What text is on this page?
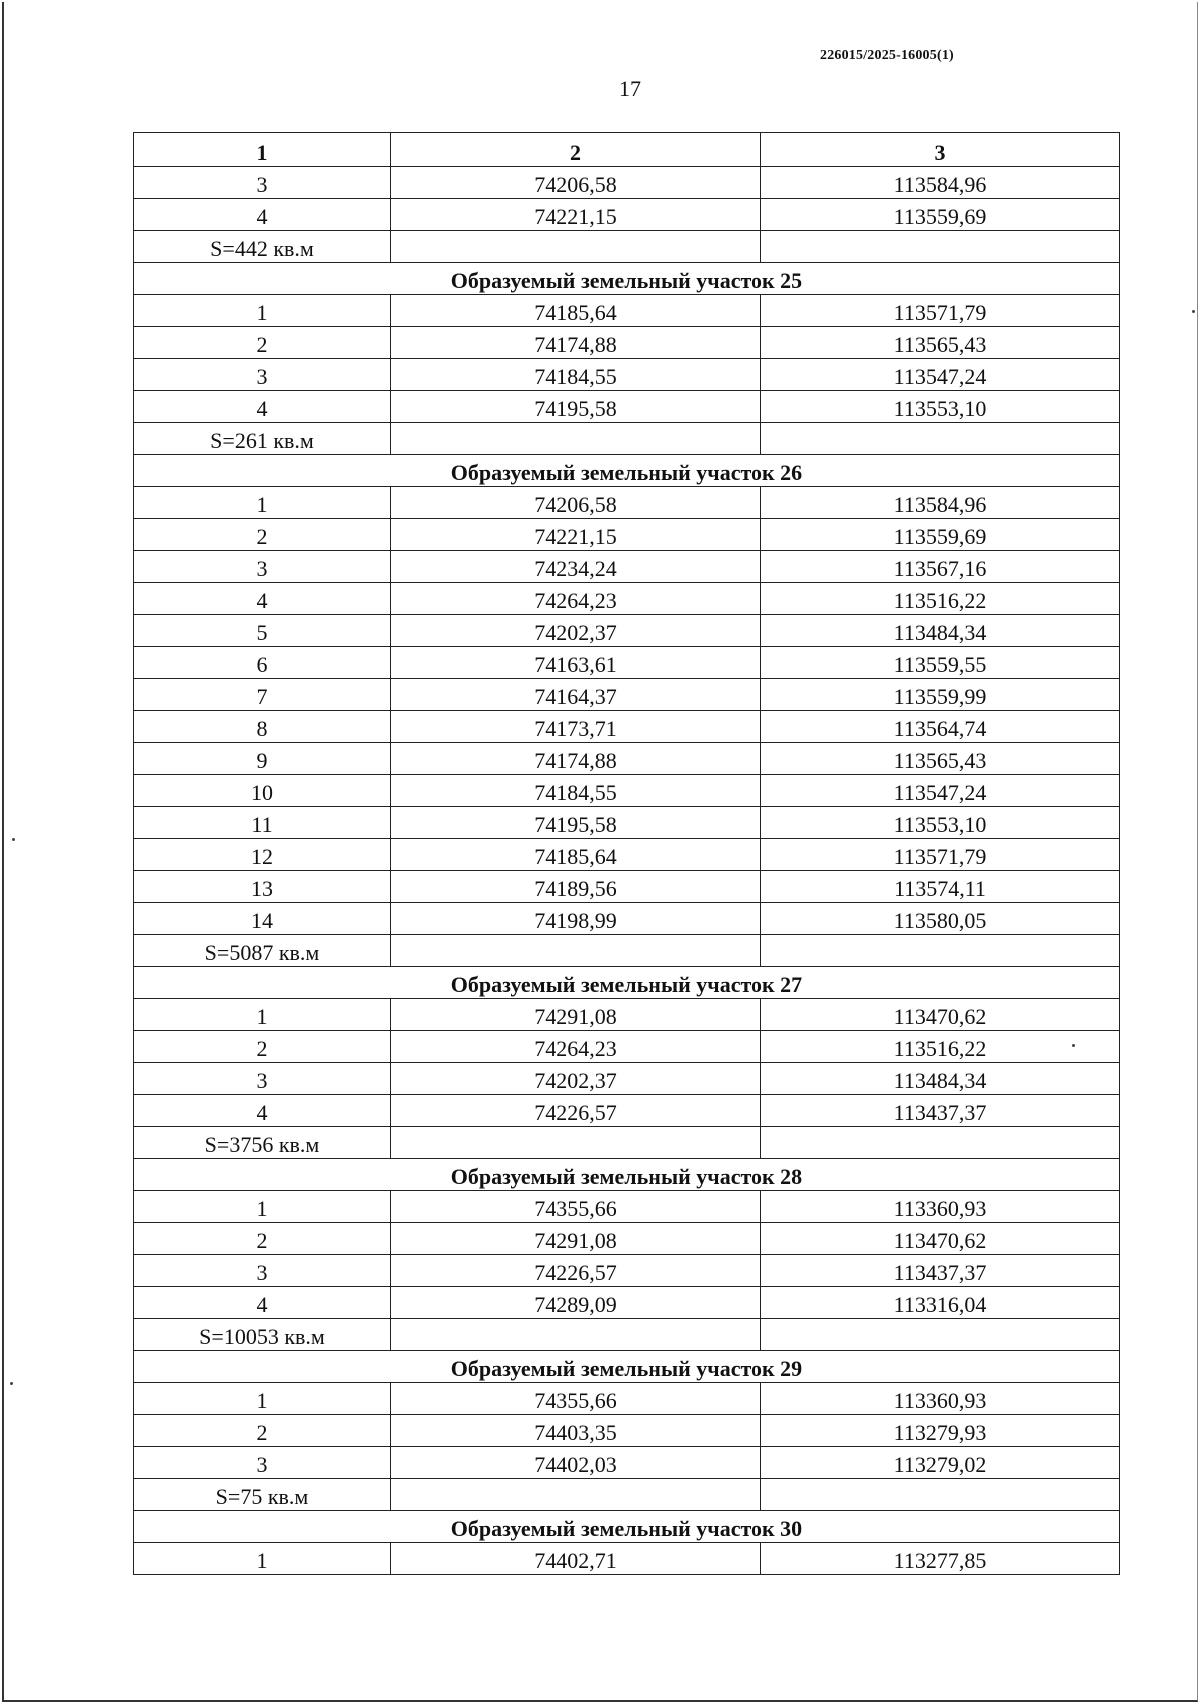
226015/2025-16005(1)
17
1	2	3
3	74206,58	113584,96
4	74221,15	113559,69
S=442 кв.м		
Образуемый земельный участок 25		
1	74185,64	113571,79
2	74174,88	113565,43
3	74184,55	113547,24
4	74195,58	113553,10
S=261 кв.м		
Образуемый земельный участок 26		
1	74206,58	113584,96
2	74221,15	113559,69
3	74234,24	113567,16
4	74264,23	113516,22
5	74202,37	113484,34
6	74163,61	113559,55
7	74164,37	113559,99
8	74173,71	113564,74
9	74174,88	113565,43
10	74184,55	113547,24
11	74195,58	113553,10
12	74185,64	113571,79
13	74189,56	113574,11
14	74198,99	113580,05
S=5087 кв.м		
Образуемый земельный участок 27		
1	74291,08	113470,62
2	74264,23	113516,22
3	74202,37	113484,34
4	74226,57	113437,37
S=3756 кв.м		
Образуемый земельный участок 28		
1	74355,66	113360,93
2	74291,08	113470,62
3	74226,57	113437,37
4	74289,09	113316,04
S=10053 кв.м		
Образуемый земельный участок 29		
1	74355,66	113360,93
2	74403,35	113279,93
3	74402,03	113279,02
S=75 кв.м		
Образуемый земельный участок 30		
1	74402,71	113277,85
